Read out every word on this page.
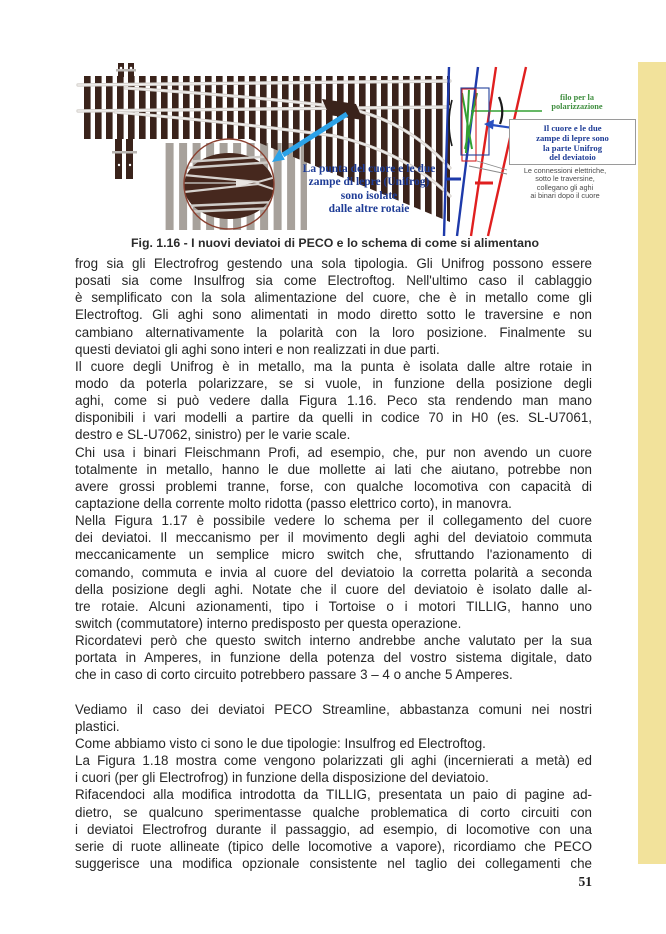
La punta del cuore e le due
zampe di lepre (Unifrog)
sono isolate
dalle altre rotaie
filo per la
polarizzazione
Il cuore e le due
zampe di lepre sono
la parte Unifrog
del deviatoio
Le connessioni elettriche,
sotto le traversine,
collegano gli aghi
ai binari dopo il cuore
Fig. 1.16 - I nuovi deviatoi di PECO e lo schema di come si alimentano
frog sia gli Electrofrog gestendo una sola tipologia. Gli Unifrog possono essere
posati sia come Insulfrog sia come Electroftog. Nell'ultimo caso il cablaggio
è semplificato con la sola alimentazione del cuore, che è in metallo come gli
Electroftog. Gli aghi sono alimentati in modo diretto sotto le traversine e non
cambiano alternativamente la polarità con la loro posizione. Finalmente su
questi deviatoi gli aghi sono interi e non realizzati in due parti.
Il cuore degli Unifrog è in metallo, ma la punta è isolata dalle altre rotaie in
modo da poterla polarizzare, se si vuole, in funzione della posizione degli
aghi, come si può vedere dalla Figura 1.16. Peco sta rendendo man mano
disponibili i vari modelli a partire da quelli in codice 70 in H0 (es. SL-U7061,
destro e SL-U7062, sinistro) per le varie scale.
Chi usa i binari Fleischmann Profi, ad esempio, che, pur non avendo un cuore
totalmente in metallo, hanno le due mollette ai lati che aiutano, potrebbe non
avere grossi problemi tranne, forse, con qualche locomotiva con capacità di
captazione della corrente molto ridotta (passo elettrico corto), in manovra.
Nella Figura 1.17 è possibile vedere lo schema per il collegamento del cuore
dei deviatoi. Il meccanismo per il movimento degli aghi del deviatoio commuta
meccanicamente un semplice micro switch che, sfruttando l'azionamento di
comando, commuta e invia al cuore del deviatoio la corretta polarità a seconda
della posizione degli aghi. Notate che il cuore del deviatoio è isolato dalle al-
tre rotaie. Alcuni azionamenti, tipo i Tortoise o i motori TILLIG, hanno uno
switch (commutatore) interno predisposto per questa operazione.
Ricordatevi però che questo switch interno andrebbe anche valutato per la sua
portata in Amperes, in funzione della potenza del vostro sistema digitale, dato
che in caso di corto circuito potrebbero passare 3 – 4 o anche 5 Amperes.
Vediamo il caso dei deviatoi PECO Streamline, abbastanza comuni nei nostri
plastici.
Come abbiamo visto ci sono le due tipologie: Insulfrog ed Electroftog.
La Figura 1.18 mostra come vengono polarizzati gli aghi (incernierati a metà) ed
i cuori (per gli Electrofrog) in funzione della disposizione del deviatoio.
Rifacendoci alla modifica introdotta da TILLIG, presentata un paio di pagine ad-
dietro, se qualcuno sperimentasse qualche problematica di corto circuiti con
i deviatoi Electrofrog durante il passaggio, ad esempio, di locomotive con una
serie di ruote allineate (tipico delle locomotive a vapore), ricordiamo che PECO
suggerisce una modifica opzionale consistente nel taglio dei collegamenti che
51
